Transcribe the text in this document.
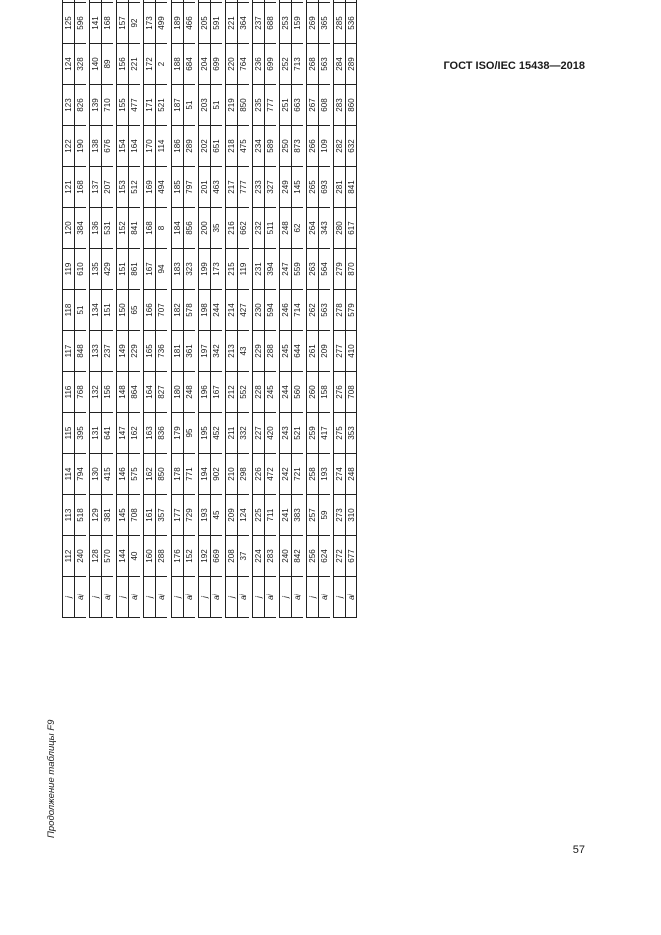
ГОСТ ISO/IEC 15438—2018
Продолжение таблицы F9
j
112
113
114
115
116
117
118
119
120
121
122
123
124
125
a
j
240
518
794
395
768
848
51
610
384
168
190
826
328
596
j
128
129
130
131
132
133
134
135
136
137
138
139
140
141
a
j
570
381
415
641
156
237
151
429
531
207
676
710
89
168
j
144
145
146
147
148
149
150
151
152
153
154
155
156
157
a
j
40
708
575
162
864
229
65
861
841
512
164
477
221
92
j
160
161
162
163
164
165
166
167
168
169
170
171
172
173
a
j
288
357
850
836
827
736
707
94
8
494
114
521
2
499
j
176
177
178
179
180
181
182
183
184
185
186
187
188
189
a
j
152
729
771
95
248
361
578
323
856
797
289
51
684
466
j
192
193
194
195
196
197
198
199
200
201
202
203
204
205
a
j
669
45
902
452
167
342
244
173
35
463
651
51
699
591
j
208
209
210
211
212
213
214
215
216
217
218
219
220
221
a
j
37
124
298
332
552
43
427
119
662
777
475
850
764
364
j
224
225
226
227
228
229
230
231
232
233
234
235
236
237
a
j
283
711
472
420
245
288
594
394
511
327
589
777
699
688
j
240
241
242
243
244
245
246
247
248
249
250
251
252
253
a
j
842
383
721
521
560
644
714
559
62
145
873
663
713
159
j
256
257
258
259
260
261
262
263
264
265
266
267
268
269
a
j
624
59
193
417
158
209
563
564
343
693
109
608
563
365
j
272
273
274
275
276
277
278
279
280
281
282
283
284
285
a
j
677
310
248
353
708
410
579
870
617
841
632
860
289
536
57
